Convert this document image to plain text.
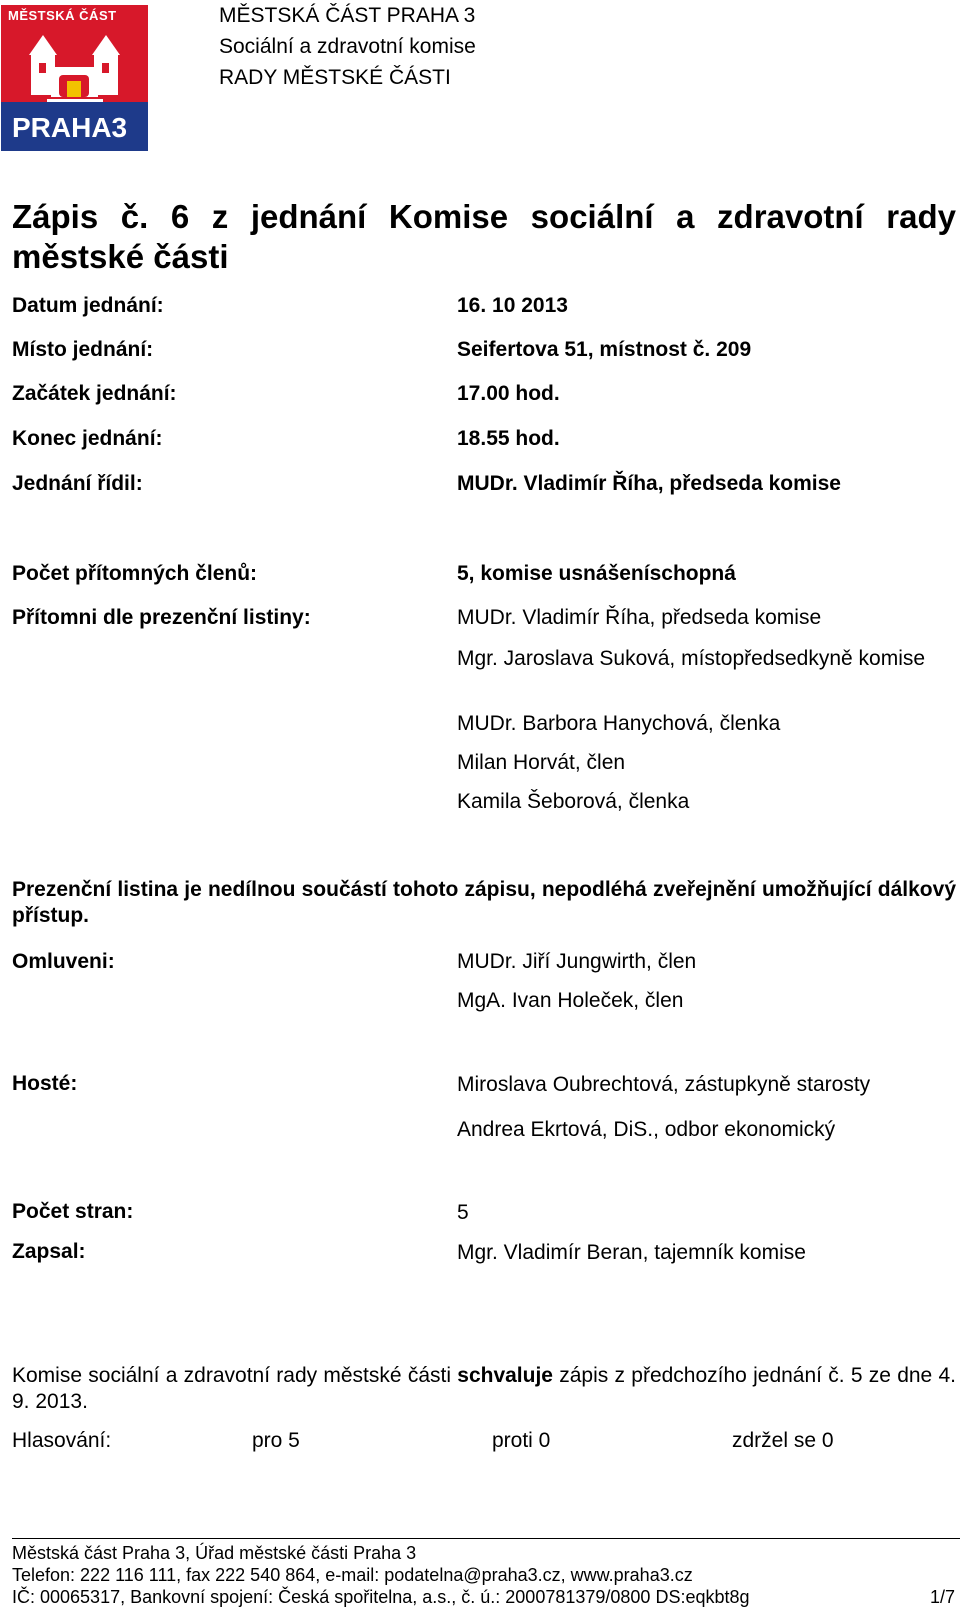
MĚSTSKÁ ČÁST
PRAHA3
MĚSTSKÁ ČÁST PRAHA 3
Sociální a zdravotní komise
RADY MĚSTSKÉ ČÁSTI
Zápis č. 6 z jednání Komise sociální a zdravotní rady městské části
Datum jednání:	16. 10 2013
Místo jednání:	Seifertova 51, místnost č. 209
Začátek jednání:	17.00 hod.
Konec jednání:	18.55 hod.
Jednání řídil:	MUDr. Vladimír Říha, předseda komise
Počet přítomných členů:	5, komise usnášeníschopná
Přítomni dle prezenční listiny:	MUDr. Vladimír Říha, předseda komise
Mgr. Jaroslava Suková, místopředsedkyně komise
MUDr. Barbora Hanychová, členka
Milan Horvát, člen
Kamila Šeborová, členka
Prezenční listina je nedílnou součástí tohoto zápisu, nepodléhá zveřejnění umožňující dálkový přístup.
Omluveni:	MUDr. Jiří Jungwirth, člen
MgA. Ivan Holeček, člen
Hosté:	Miroslava Oubrechtová, zástupkyně starosty
Andrea Ekrtová, DiS., odbor ekonomický
Počet stran:	5
Zapsal:	Mgr. Vladimír Beran, tajemník komise
Komise sociální a zdravotní rady městské části schvaluje zápis z předchozího jednání č. 5 ze dne 4. 9. 2013.
Hlasování:	pro 5	proti 0	zdržel se 0
Městská část Praha 3, Úřad městské části Praha 3
Telefon: 222 116 111, fax 222 540 864, e-mail: podatelna@praha3.cz, www.praha3.cz
IČ: 00065317, Bankovní spojení: Česká spořitelna, a.s., č. ú.: 2000781379/0800 DS:eqkbt8g	1/7
